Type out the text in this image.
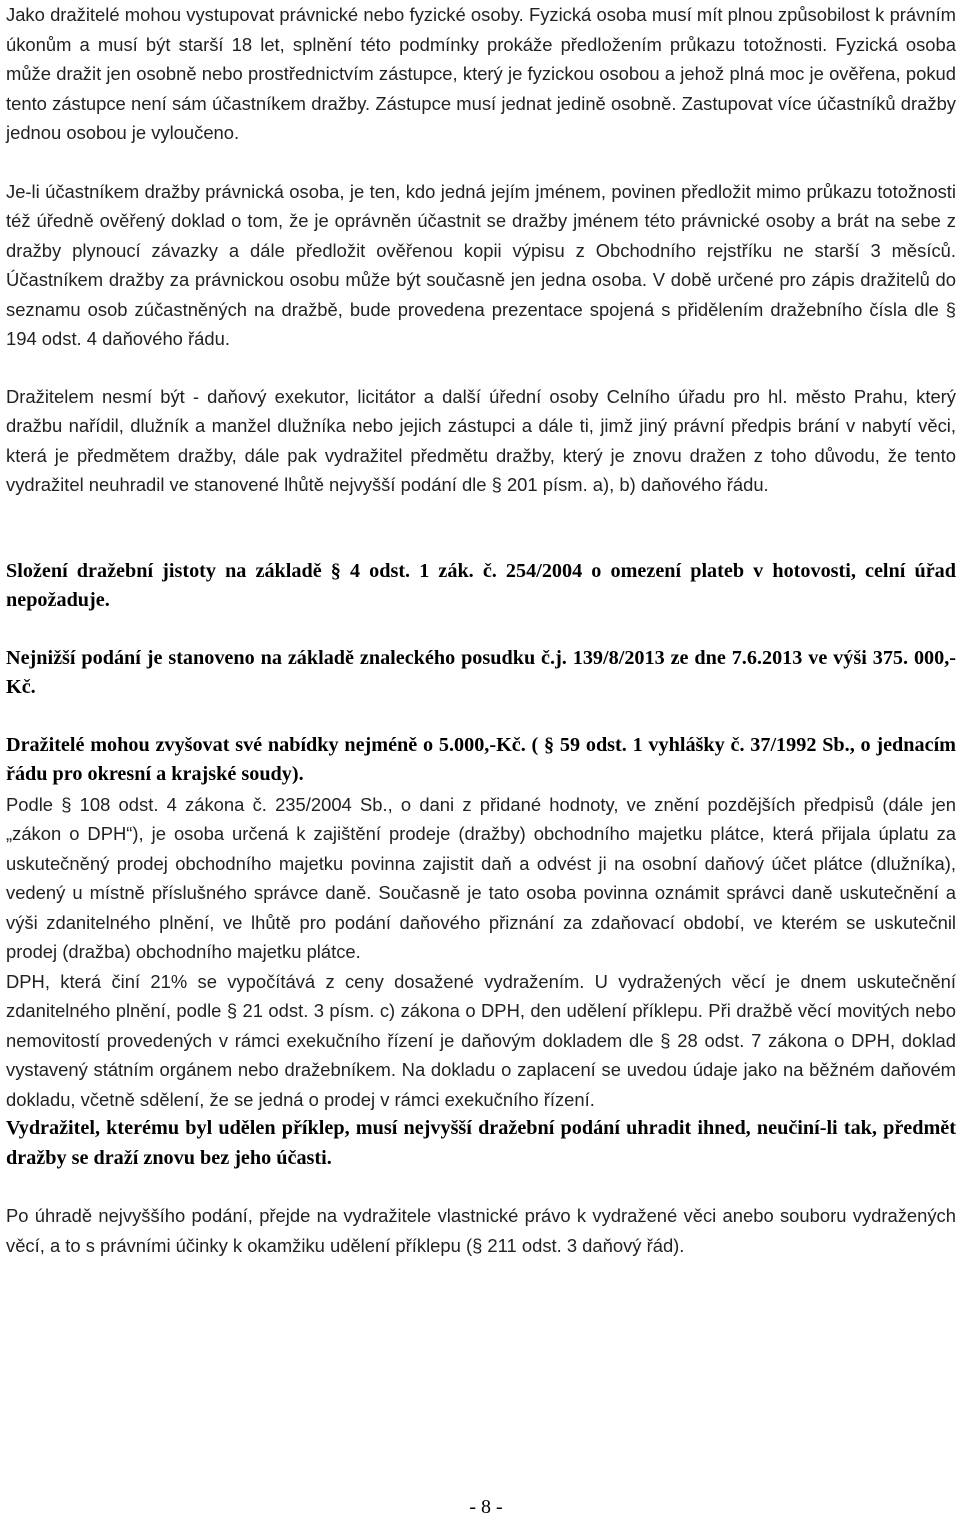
Jako dražitelé mohou vystupovat právnické nebo fyzické osoby. Fyzická osoba musí mít plnou způsobilost k právním úkonům a musí být starší 18 let, splnění této podmínky prokáže předložením průkazu totožnosti. Fyzická osoba může dražit jen osobně nebo prostřednictvím zástupce, který je fyzickou osobou a jehož plná moc je ověřena, pokud tento zástupce není sám účastníkem dražby. Zástupce musí jednat jedině osobně. Zastupovat více účastníků dražby jednou osobou je vyloučeno.

Je-li účastníkem dražby právnická osoba, je ten, kdo jedná jejím jménem, povinen předložit mimo průkazu totožnosti též úředně ověřený doklad o tom, že je oprávněn účastnit se dražby jménem této právnické osoby a brát na sebe z dražby plynoucí závazky a dále předložit ověřenou kopii výpisu z Obchodního rejstříku ne starší 3 měsíců. Účastníkem dražby za právnickou osobu může být současně jen jedna osoba. V době určené pro zápis dražitelů do seznamu osob zúčastněných na dražbě, bude provedena prezentace spojená s přidělením dražebního čísla dle § 194 odst. 4 daňového řádu.

Dražitelem nesmí být - daňový exekutor, licitátor a další úřední osoby Celního úřadu pro hl. město Prahu, který dražbu nařídil, dlužník a manžel dlužníka nebo jejich zástupci a dále ti, jimž jiný právní předpis brání v nabytí věci, která je předmětem dražby, dále pak vydražitel předmětu dražby, který je znovu dražen z toho důvodu, že tento vydražitel neuhradil ve stanovené lhůtě nejvyšší podání dle § 201 písm. a), b) daňového řádu.

Složení dražební jistoty na základě § 4 odst. 1 zák. č. 254/2004 o omezení plateb v hotovosti, celní úřad nepožaduje.

Nejnižší podání je stanoveno na základě znaleckého posudku č.j. 139/8/2013 ze dne 7.6.2013 ve výši 375. 000,- Kč.

Dražitelé mohou zvyšovat své nabídky nejméně o 5.000,-Kč. ( § 59 odst. 1 vyhlášky č. 37/1992 Sb., o jednacím řádu pro okresní a krajské soudy).

Podle § 108 odst. 4 zákona č. 235/2004 Sb., o dani z přidané hodnoty, ve znění pozdějších předpisů (dále jen „zákon o DPH“), je osoba určená k zajištění prodeje (dražby) obchodního majetku plátce, která přijala úplatu za uskutečněný prodej obchodního majetku povinna zajistit daň a odvést ji na osobní daňový účet plátce (dlužníka), vedený u místně příslušného správce daně. Současně je tato osoba povinna oznámit správci daně uskutečnění a výši zdanitelného plnění, ve lhůtě pro podání daňového přiznání za zdaňovací období, ve kterém se uskutečnil prodej (dražba) obchodního majetku plátce.

DPH, která činí 21% se vypočítává z ceny dosažené vydražením. U vydražených věcí je dnem uskutečnění zdanitelného plnění, podle § 21 odst. 3 písm. c) zákona o DPH, den udělení příklepu. Při dražbě věcí movitých nebo nemovitostí provedených v rámci exekučního řízení je daňovým dokladem dle § 28 odst. 7 zákona o DPH, doklad vystavený státním orgánem nebo dražebníkem. Na dokladu o zaplacení se uvedou údaje jako na běžném daňovém dokladu, včetně sdělení, že se jedná o prodej v rámci exekučního řízení.

Vydražitel, kterému byl udělen příklep, musí nejvyšší dražební podání uhradit ihned, neučiní-li tak, předmět dražby se draží znovu bez jeho účasti.

Po úhradě nejvyššího podání, přejde na vydražitele vlastnické právo k vydražené věci anebo souboru vydražených věcí, a to s právními účinky k okamžiku udělení příklepu (§ 211 odst. 3 daňový řád).

- 8 -
